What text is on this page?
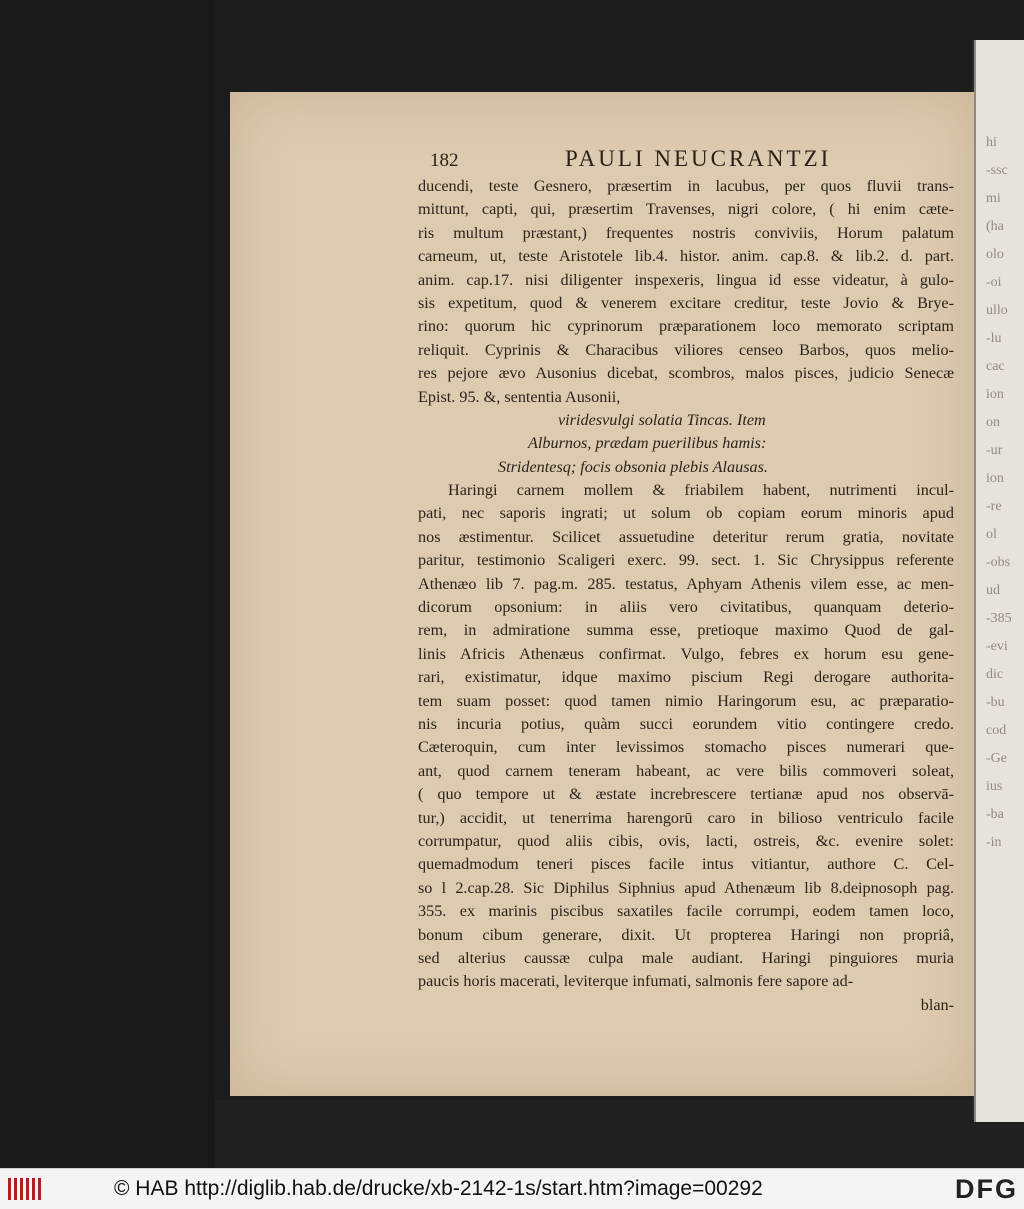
hi
-ssc
mi
(ha
olo
-oi
ullo
-lu
cac
ion
on
-ur
ion
-re
ol
-obs
ud
-385
-evi
dic
-bu
cod
-Ge
ius
-ba
-in
182	PAULI NEUCRANTZI
ducendi, teste Gesnero, præsertim in lacubus, per quos fluvii trans-
mittunt, capti, qui, præsertim Travenses, nigri colore, ( hi enim cæte-
ris multum præstant,) frequentes nostris conviviis, Horum palatum
carneum, ut, teste Aristotele lib.4. histor. anim. cap.8. & lib.2. d. part.
anim. cap.17. nisi diligenter inspexeris, lingua id esse videatur, à gulo-
sis expetitum, quod & venerem excitare creditur, teste Jovio & Brye-
rino: quorum hic cyprinorum præparationem loco memorato scriptam
reliquit. Cyprinis & Characibus viliores censeo Barbos, quos melio-
res pejore ævo Ausonius dicebat, scombros, malos pisces, judicio Senecæ
Epist. 95. &, sententia Ausonii,
viridesvulgi solatia Tincas. Item
Alburnos, prædam puerilibus hamis:
Stridentesq; focis obsonia plebis Alausas.
Haringi carnem mollem & friabilem habent, nutrimenti incul-
pati, nec saporis ingrati; ut solum ob copiam eorum minoris apud
nos æstimentur. Scilicet assuetudine deteritur rerum gratia, novitate
paritur, testimonio Scaligeri exerc. 99. sect. 1. Sic Chrysippus referente
Athenæo lib 7. pag.m. 285. testatus, Aphyam Athenis vilem esse, ac men-
dicorum opsonium: in aliis vero civitatibus, quanquam deterio-
rem, in admiratione summa esse, pretioque maximo Quod de gal-
linis Africis Athenæus confirmat. Vulgo, febres ex horum esu gene-
rari, existimatur, idque maximo piscium Regi derogare authorita-
tem suam posset: quod tamen nimio Haringorum esu, ac præparatio-
nis incuria potius, quàm succi eorundem vitio contingere credo.
Cæteroquin, cum inter levissimos stomacho pisces numerari que-
ant, quod carnem teneram habeant, ac vere bilis commoveri soleat,
( quo tempore ut & æstate increbrescere tertianæ apud nos observā-
tur,) accidit, ut tenerrima harengorū caro in bilioso ventriculo facile
corrumpatur, quod aliis cibis, ovis, lacti, ostreis, &c. evenire solet:
quemadmodum teneri pisces facile intus vitiantur, authore C. Cel-
so l 2.cap.28. Sic Diphilus Siphnius apud Athenæum lib 8.deipnosoph pag.
355. ex marinis piscibus saxatiles facile corrumpi, eodem tamen loco,
bonum cibum generare, dixit. Ut propterea Haringi non propriâ,
sed alterius caussæ culpa male audiant. Haringi pinguiores muria
paucis horis macerati, leviterque infumati, salmonis fere sapore ad-
blan-
© HAB http://diglib.hab.de/drucke/xb-2142-1s/start.htm?image=00292	DFG
